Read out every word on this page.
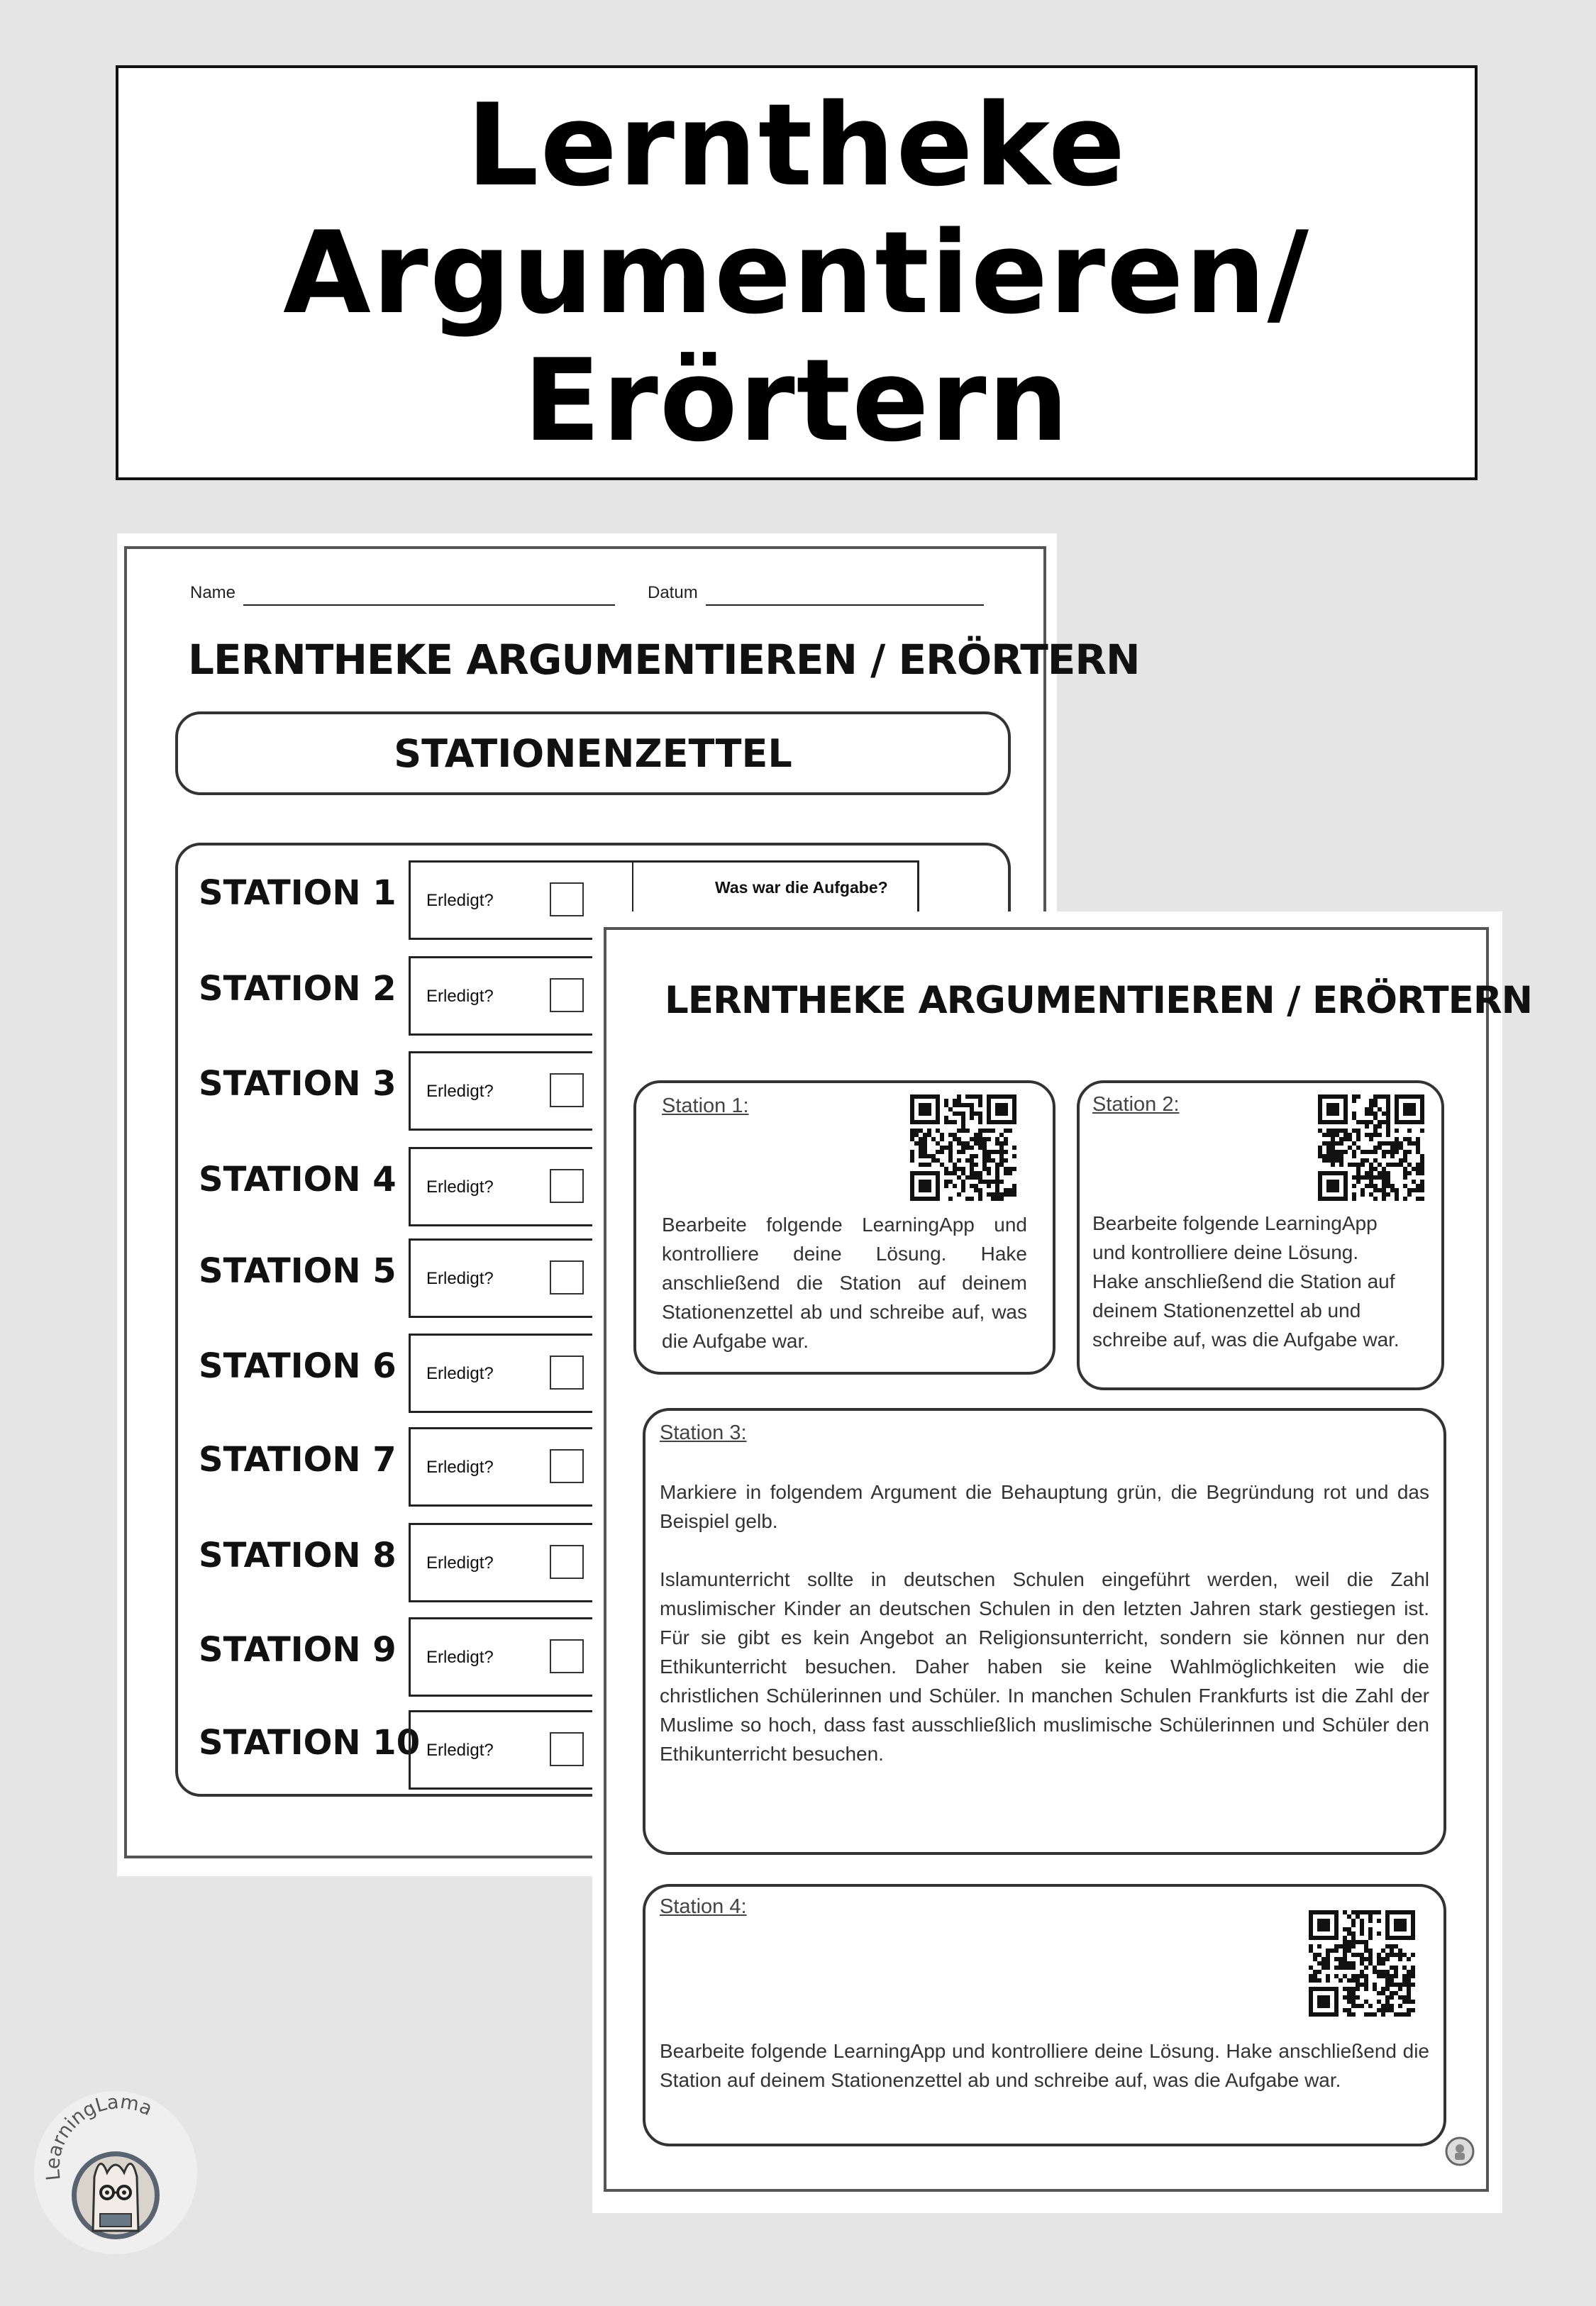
Lerntheke
Argumentieren/
Erörtern
Name	Datum
LERNTHEKE ARGUMENTIEREN / ERÖRTERN
STATIONENZETTEL
STATION 1 Erledigt?
STATION 2 Erledigt?
STATION 3 Erledigt?
STATION 4 Erledigt?
STATION 5 Erledigt?
STATION 6 Erledigt?
STATION 7 Erledigt?
STATION 8 Erledigt?
STATION 9 Erledigt?
STATION 10 Erledigt?
Was war die Aufgabe?
LERNTHEKE ARGUMENTIEREN / ERÖRTERN
Station 1:
Bearbeite folgende LearningApp und kontrolliere deine Lösung. Hake anschließend die Station auf deinem Stationenzettel ab und schreibe auf, was die Aufgabe war.
Station 2:
Bearbeite folgende LearningApp und kontrolliere deine Lösung. Hake anschließend die Station auf deinem Stationenzettel ab und schreibe auf, was die Aufgabe war.
Station 3:
Markiere in folgendem Argument die Behauptung grün, die Begründung rot und das Beispiel gelb.
Islamunterricht sollte in deutschen Schulen eingeführt werden, weil die Zahl muslimischer Kinder an deutschen Schulen in den letzten Jahren stark gestiegen ist. Für sie gibt es kein Angebot an Religionsunterricht, sondern sie können nur den Ethikunterricht besuchen. Daher haben sie keine Wahlmöglichkeiten wie die christlichen Schülerinnen und Schüler. In manchen Schulen Frankfurts ist die Zahl der Muslime so hoch, dass fast ausschließlich muslimische Schülerinnen und Schüler den Ethikunterricht besuchen.
Station 4:
Bearbeite folgende LearningApp und kontrolliere deine Lösung. Hake anschließend die Station auf deinem Stationenzettel ab und schreibe auf, was die Aufgabe war.
LearningLama
